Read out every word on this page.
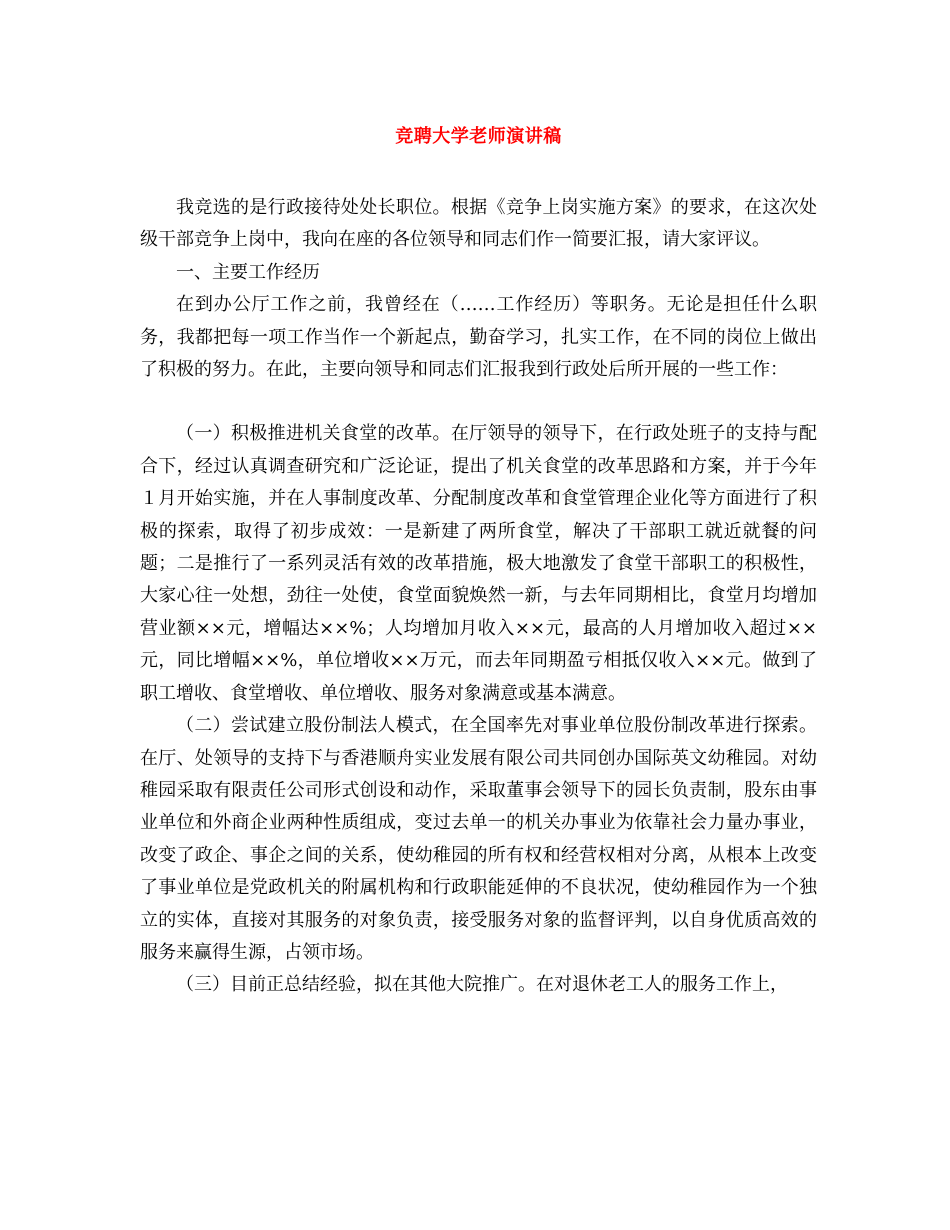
竞聘大学老师演讲稿

我竞选的是行政接待处处长职位。根据《竞争上岗实施方案》的要求，在这次处级干部竞争上岗中，我向在座的各位领导和同志们作一简要汇报，请大家评议。

一、主要工作经历

在到办公厅工作之前，我曾经在（……工作经历）等职务。无论是担任什么职务，我都把每一项工作当作一个新起点，勤奋学习，扎实工作，在不同的岗位上做出了积极的努力。在此，主要向领导和同志们汇报我到行政处后所开展的一些工作：

（一）积极推进机关食堂的改革。在厅领导的领导下，在行政处班子的支持与配合下，经过认真调查研究和广泛论证，提出了机关食堂的改革思路和方案，并于今年１月开始实施，并在人事制度改革、分配制度改革和食堂管理企业化等方面进行了积极的探索，取得了初步成效：一是新建了两所食堂，解决了干部职工就近就餐的问题；二是推行了一系列灵活有效的改革措施，极大地激发了食堂干部职工的积极性，大家心往一处想，劲往一处使，食堂面貌焕然一新，与去年同期相比，食堂月均增加营业额××元，增幅达××%；人均增加月收入××元，最高的人月增加收入超过××元，同比增幅××%，单位增收××万元，而去年同期盈亏相抵仅收入××元。做到了职工增收、食堂增收、单位增收、服务对象满意或基本满意。

（二）尝试建立股份制法人模式，在全国率先对事业单位股份制改革进行探索。在厅、处领导的支持下与香港顺舟实业发展有限公司共同创办国际英文幼稚园。对幼稚园采取有限责任公司形式创设和动作，采取董事会领导下的园长负责制，股东由事业单位和外商企业两种性质组成，变过去单一的机关办事业为依靠社会力量办事业，改变了政企、事企之间的关系，使幼稚园的所有权和经营权相对分离，从根本上改变了事业单位是党政机关的附属机构和行政职能延伸的不良状况，使幼稚园作为一个独立的实体，直接对其服务的对象负责，接受服务对象的监督评判，以自身优质高效的服务来赢得生源，占领市场。

（三）目前正总结经验，拟在其他大院推广。在对退休老工人的服务工作上，
